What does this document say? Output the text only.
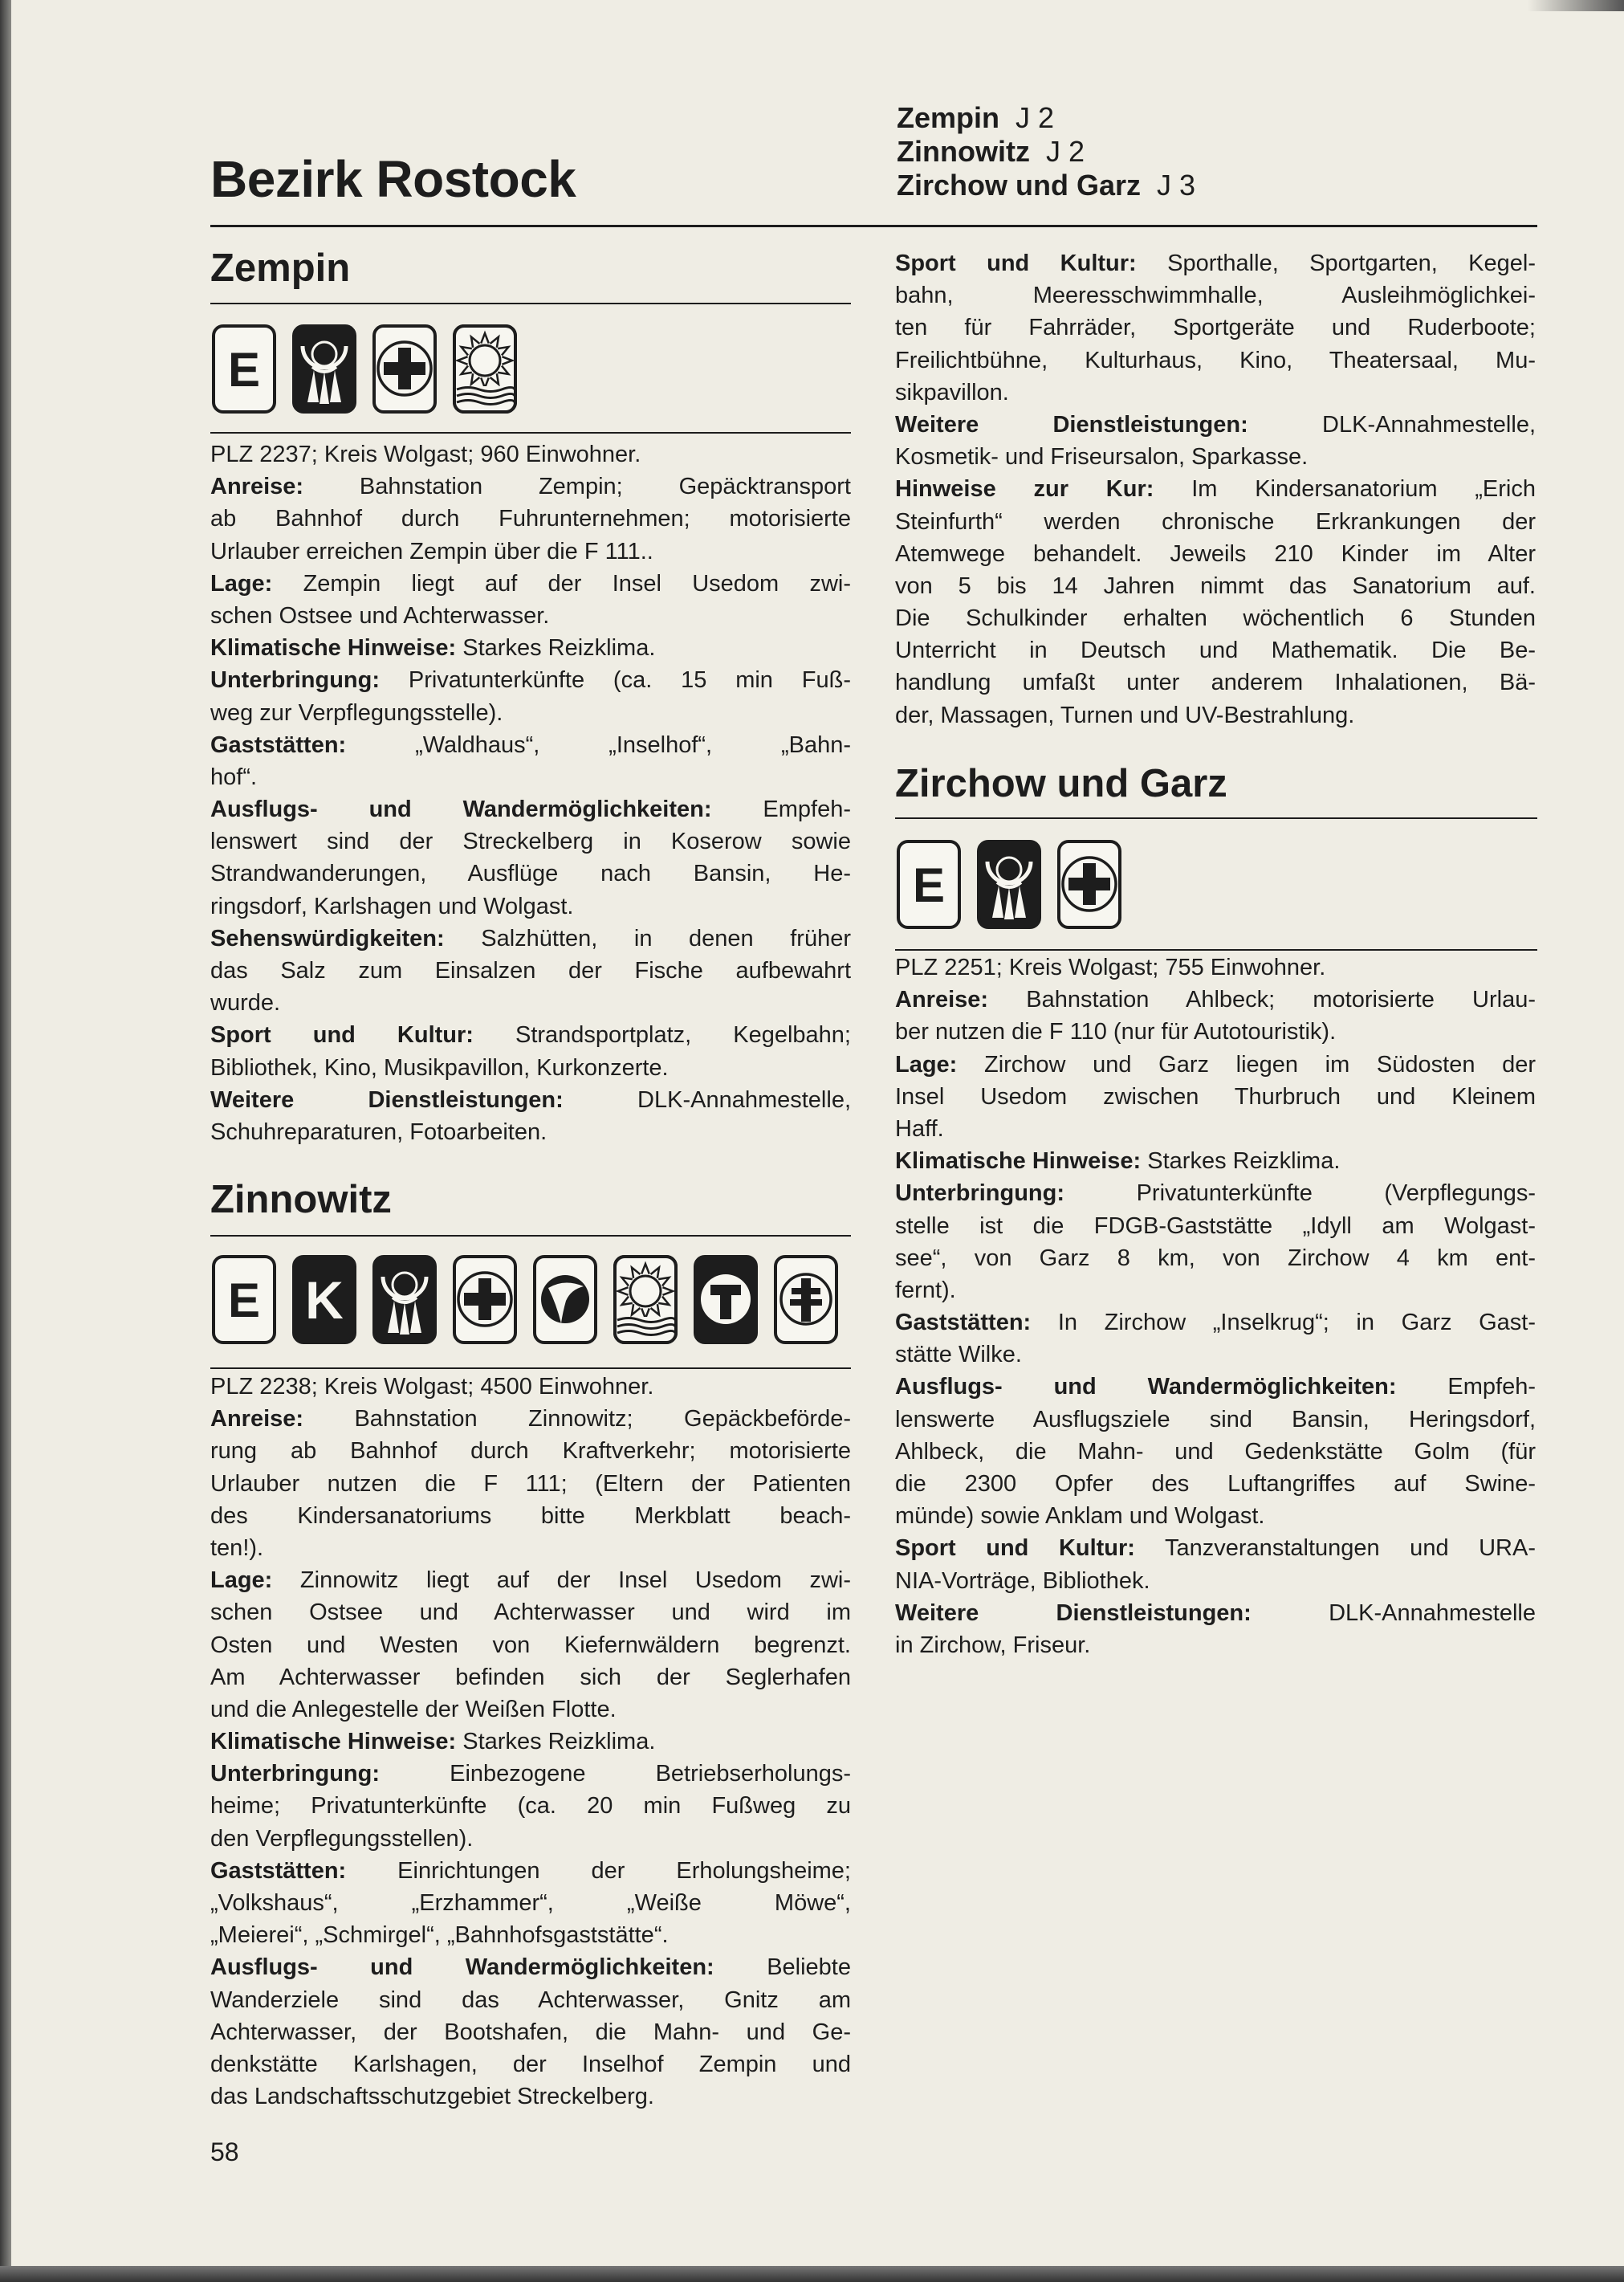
Bezirk Rostock
Zempin J 2
Zinnowitz J 2
Zirchow und Garz J 3
Zempin
E
PLZ 2237; Kreis Wolgast; 960 Einwohner.
Anreise: Bahnstation Zempin; Gepäcktransport
ab Bahnhof durch Fuhrunternehmen; motorisierte
Urlauber erreichen Zempin über die F 111..
Lage: Zempin liegt auf der Insel Usedom zwi-
schen Ostsee und Achterwasser.
Klimatische Hinweise: Starkes Reizklima.
Unterbringung: Privatunterkünfte (ca. 15 min Fuß-
weg zur Verpflegungsstelle).
Gaststätten:	„Waldhaus“, „Inselhof“, „Bahn-
hof“.
Ausflugs- und Wandermöglichkeiten: Empfeh-
lenswert sind der Streckelberg in Koserow sowie
Strandwanderungen, Ausflüge nach Bansin, He-
ringsdorf, Karlshagen und Wolgast.
Sehenswürdigkeiten: Salzhütten, in denen früher
das Salz zum Einsalzen der Fische aufbewahrt
wurde.
Sport und Kultur: Strandsportplatz, Kegelbahn;
Bibliothek, Kino, Musikpavillon, Kurkonzerte.
Weitere Dienstleistungen:	DLK-Annahmestelle,
Schuhreparaturen, Fotoarbeiten.
Zinnowitz
E K
PLZ 2238; Kreis Wolgast; 4500 Einwohner.
Anreise: Bahnstation Zinnowitz; Gepäckbeförde-
rung ab Bahnhof durch Kraftverkehr; motorisierte
Urlauber nutzen die F 111; (Eltern der Patienten
des Kindersanatoriums bitte Merkblatt beach-
ten!).
Lage: Zinnowitz liegt auf der Insel Usedom zwi-
schen Ostsee und Achterwasser und wird im
Osten und Westen von Kiefernwäldern begrenzt.
Am Achterwasser befinden sich der Seglerhafen
und die Anlegestelle der Weißen Flotte.
Klimatische Hinweise: Starkes Reizklima.
Unterbringung:	Einbezogene Betriebserholungs-
heime; Privatunterkünfte (ca. 20 min Fußweg zu
den Verpflegungsstellen).
Gaststätten: Einrichtungen der Erholungsheime;
„Volkshaus“, „Erzhammer“, „Weiße Möwe“,
„Meierei“, „Schmirgel“, „Bahnhofsgaststätte“.
Ausflugs- und Wandermöglichkeiten: Beliebte
Wanderziele sind das Achterwasser, Gnitz am
Achterwasser, der Bootshafen, die Mahn- und Ge-
denkstätte Karlshagen, der Inselhof Zempin und
das Landschaftsschutzgebiet Streckelberg.
Sport und Kultur: Sporthalle, Sportgarten, Kegel-
bahn, Meeresschwimmhalle, Ausleihmöglichkei-
ten für Fahrräder, Sportgeräte und Ruderboote;
Freilichtbühne, Kulturhaus, Kino, Theatersaal, Mu-
sikpavillon.
Weitere Dienstleistungen:	DLK-Annahmestelle,
Kosmetik- und Friseursalon, Sparkasse.
Hinweise zur Kur: Im Kindersanatorium „Erich
Steinfurth“ werden chronische Erkrankungen der
Atemwege behandelt. Jeweils 210 Kinder im Alter
von 5 bis 14 Jahren nimmt das Sanatorium auf.
Die Schulkinder erhalten wöchentlich 6 Stunden
Unterricht in Deutsch und Mathematik. Die Be-
handlung umfaßt unter anderem Inhalationen, Bä-
der, Massagen, Turnen und UV-Bestrahlung.
Zirchow und Garz
E
PLZ 2251; Kreis Wolgast; 755 Einwohner.
Anreise: Bahnstation Ahlbeck; motorisierte Urlau-
ber nutzen die F 110 (nur für Autotouristik).
Lage: Zirchow und Garz liegen im Südosten der
Insel Usedom zwischen Thurbruch und Kleinem
Haff.
Klimatische Hinweise: Starkes Reizklima.
Unterbringung:	Privatunterkünfte (Verpflegungs-
stelle ist die FDGB-Gaststätte „Idyll am Wolgast-
see“, von Garz 8 km, von Zirchow 4 km ent-
fernt).
Gaststätten: In Zirchow „Inselkrug“; in Garz Gast-
stätte Wilke.
Ausflugs- und Wandermöglichkeiten: Empfeh-
lenswerte Ausflugsziele sind Bansin, Heringsdorf,
Ahlbeck, die Mahn- und Gedenkstätte Golm (für
die 2300 Opfer des Luftangriffes auf Swine-
münde) sowie Anklam und Wolgast.
Sport und Kultur: Tanzveranstaltungen und URA-
NIA-Vorträge, Bibliothek.
Weitere Dienstleistungen:	DLK-Annahmestelle
in Zirchow, Friseur.
58
